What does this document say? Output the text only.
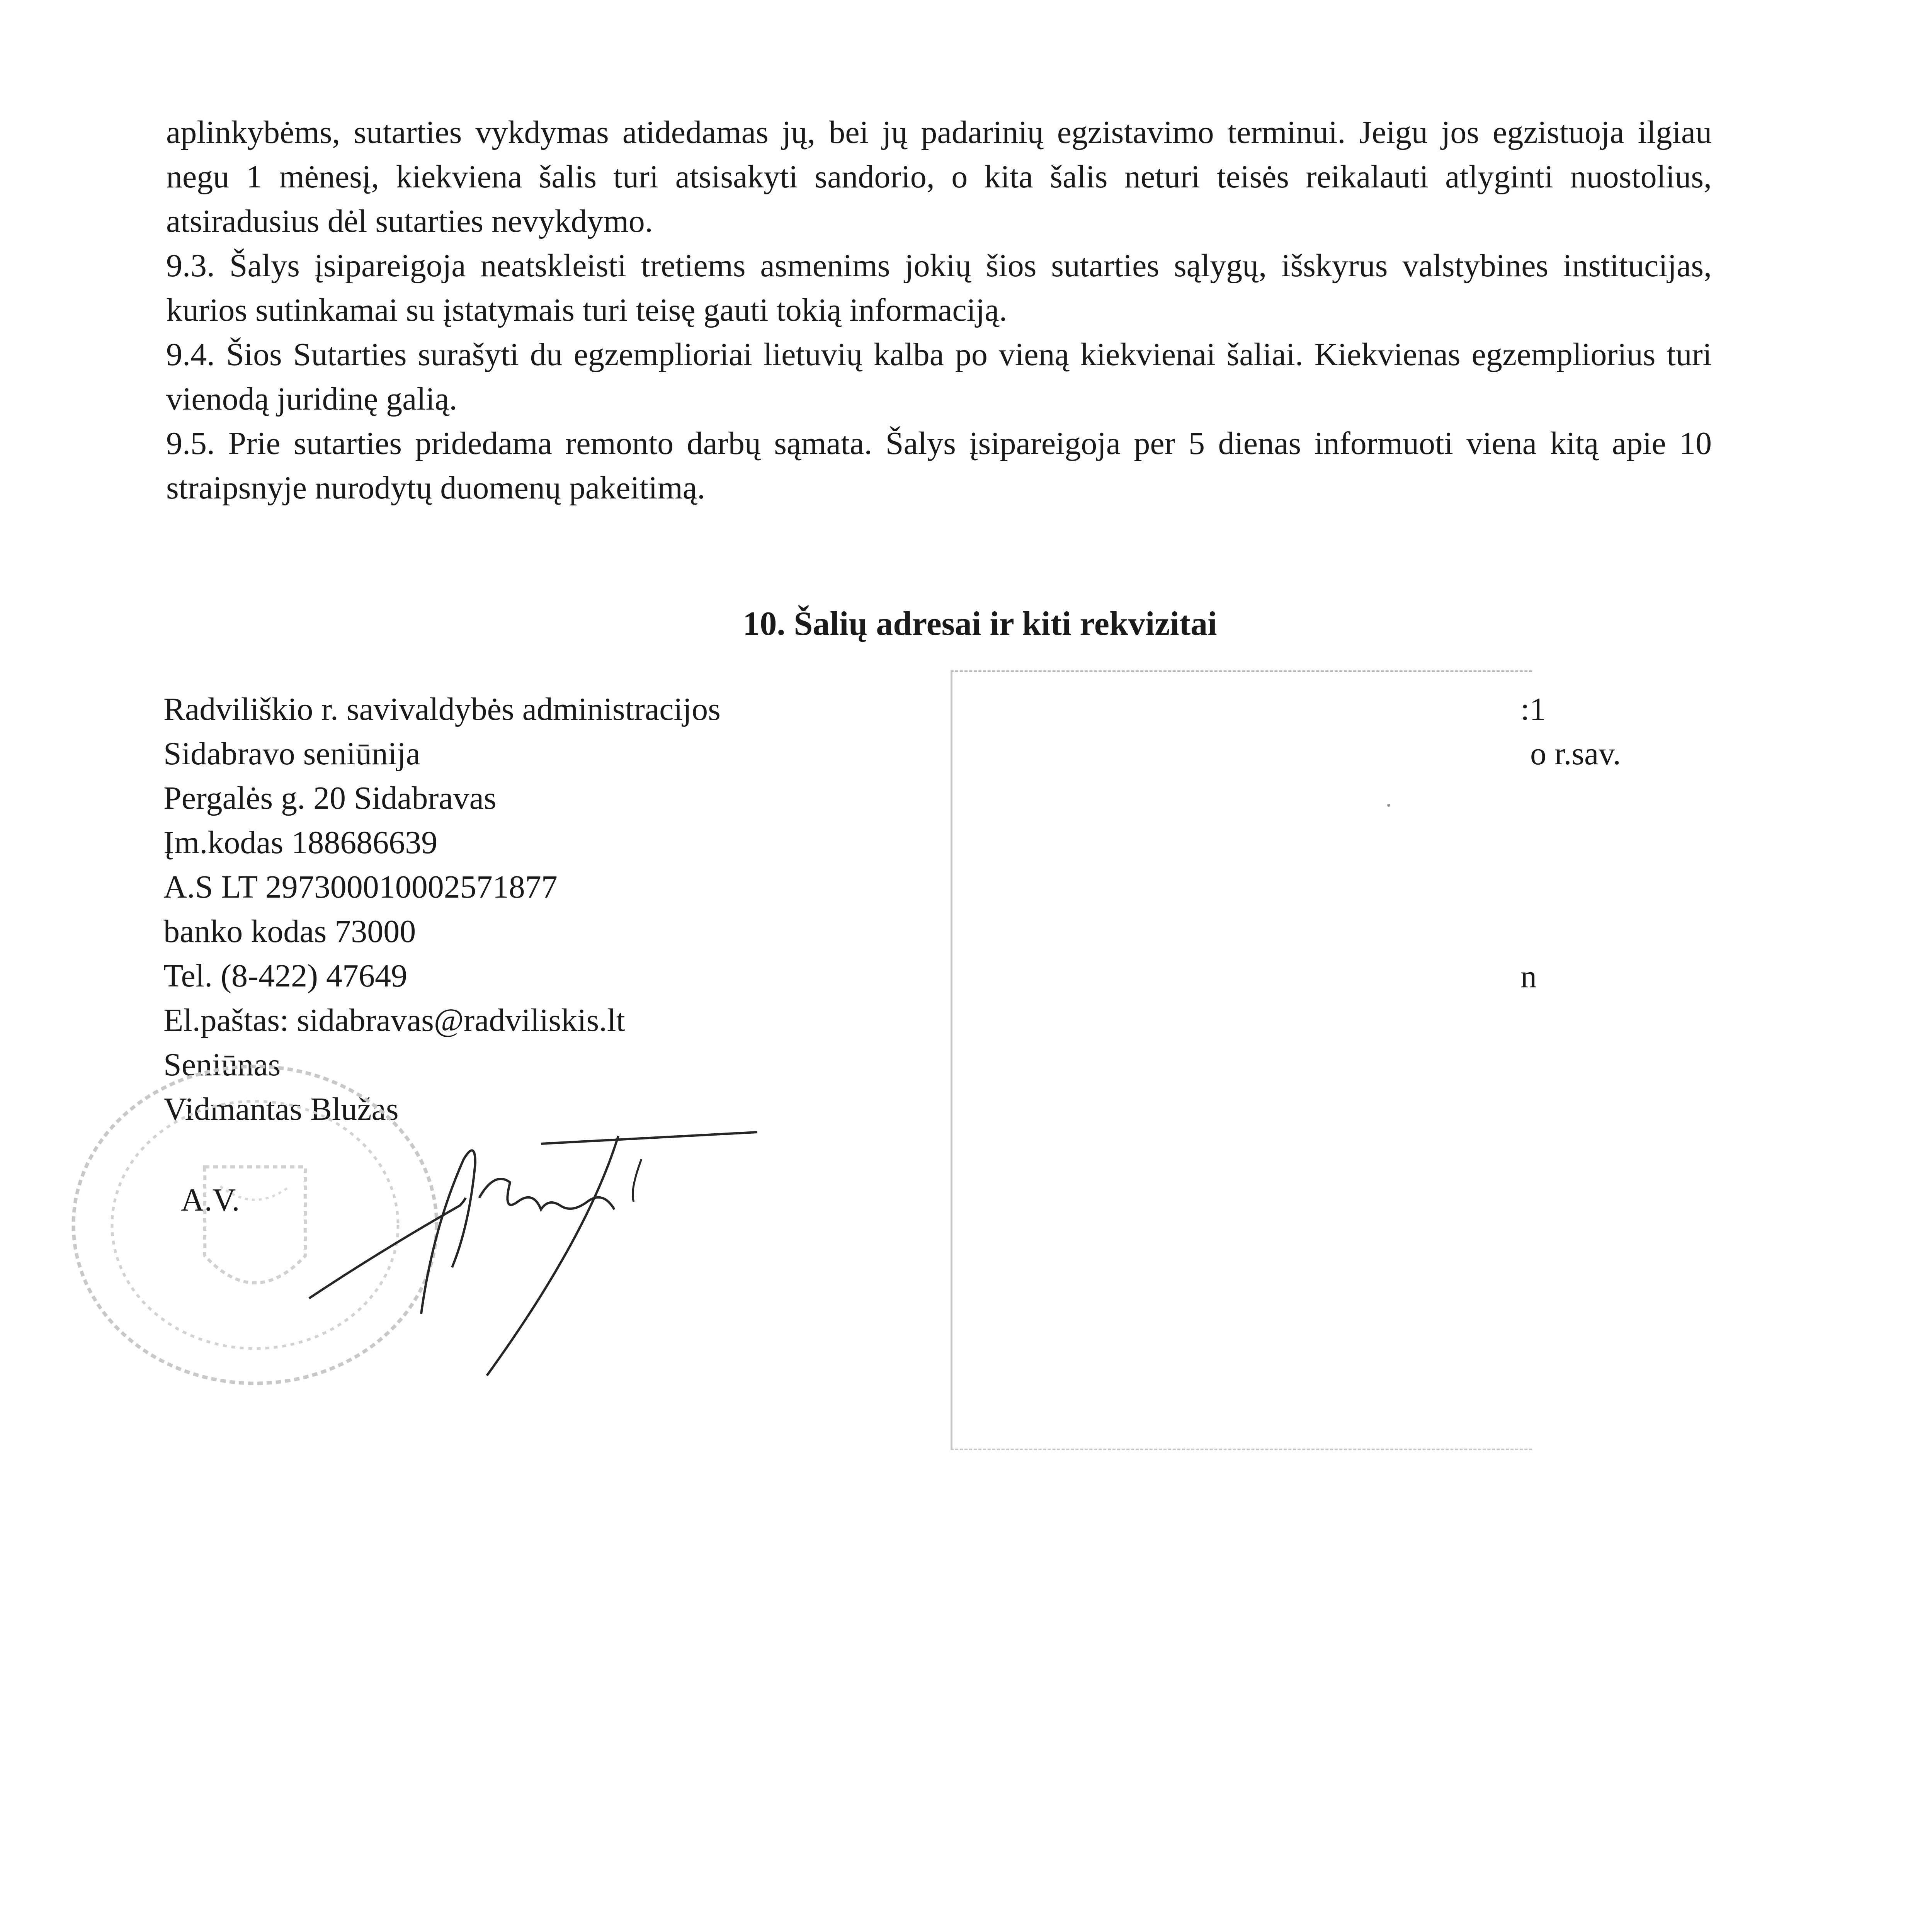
aplinkybėms, sutarties vykdymas atidedamas jų, bei jų padarinių egzistavimo terminui. Jeigu jos egzistuoja ilgiau negu 1 mėnesį, kiekviena šalis turi atsisakyti sandorio, o kita šalis neturi teisės reikalauti atlyginti nuostolius, atsiradusius dėl sutarties nevykdymo.

9.3. Šalys įsipareigoja neatskleisti tretiems asmenims jokių šios sutarties sąlygų, išskyrus valstybines institucijas, kurios sutinkamai su įstatymais turi teisę gauti tokią informaciją.

9.4. Šios Sutarties surašyti du egzemplioriai lietuvių kalba po vieną kiekvienai šaliai. Kiekvienas egzempliorius turi vienodą juridinę galią.

9.5. Prie sutarties pridedama remonto darbų sąmata. Šalys įsipareigoja per 5 dienas informuoti viena kitą apie 10 straipsnyje nurodytų duomenų pakeitimą.

10. Šalių adresai ir kiti rekvizitai
Radviliškio r. savivaldybės administracijos
Sidabravo seniūnija
Pergalės g. 20 Sidabravas
Įm.kodas 188686639
A.S LT 297300010002571877
banko kodas 73000
Tel. (8-422) 47649
El.paštas: sidabravas@radviliskis.lt
Seniūnas
Vidmantas Blužas
A.V.
:1
o r.sav.
n
